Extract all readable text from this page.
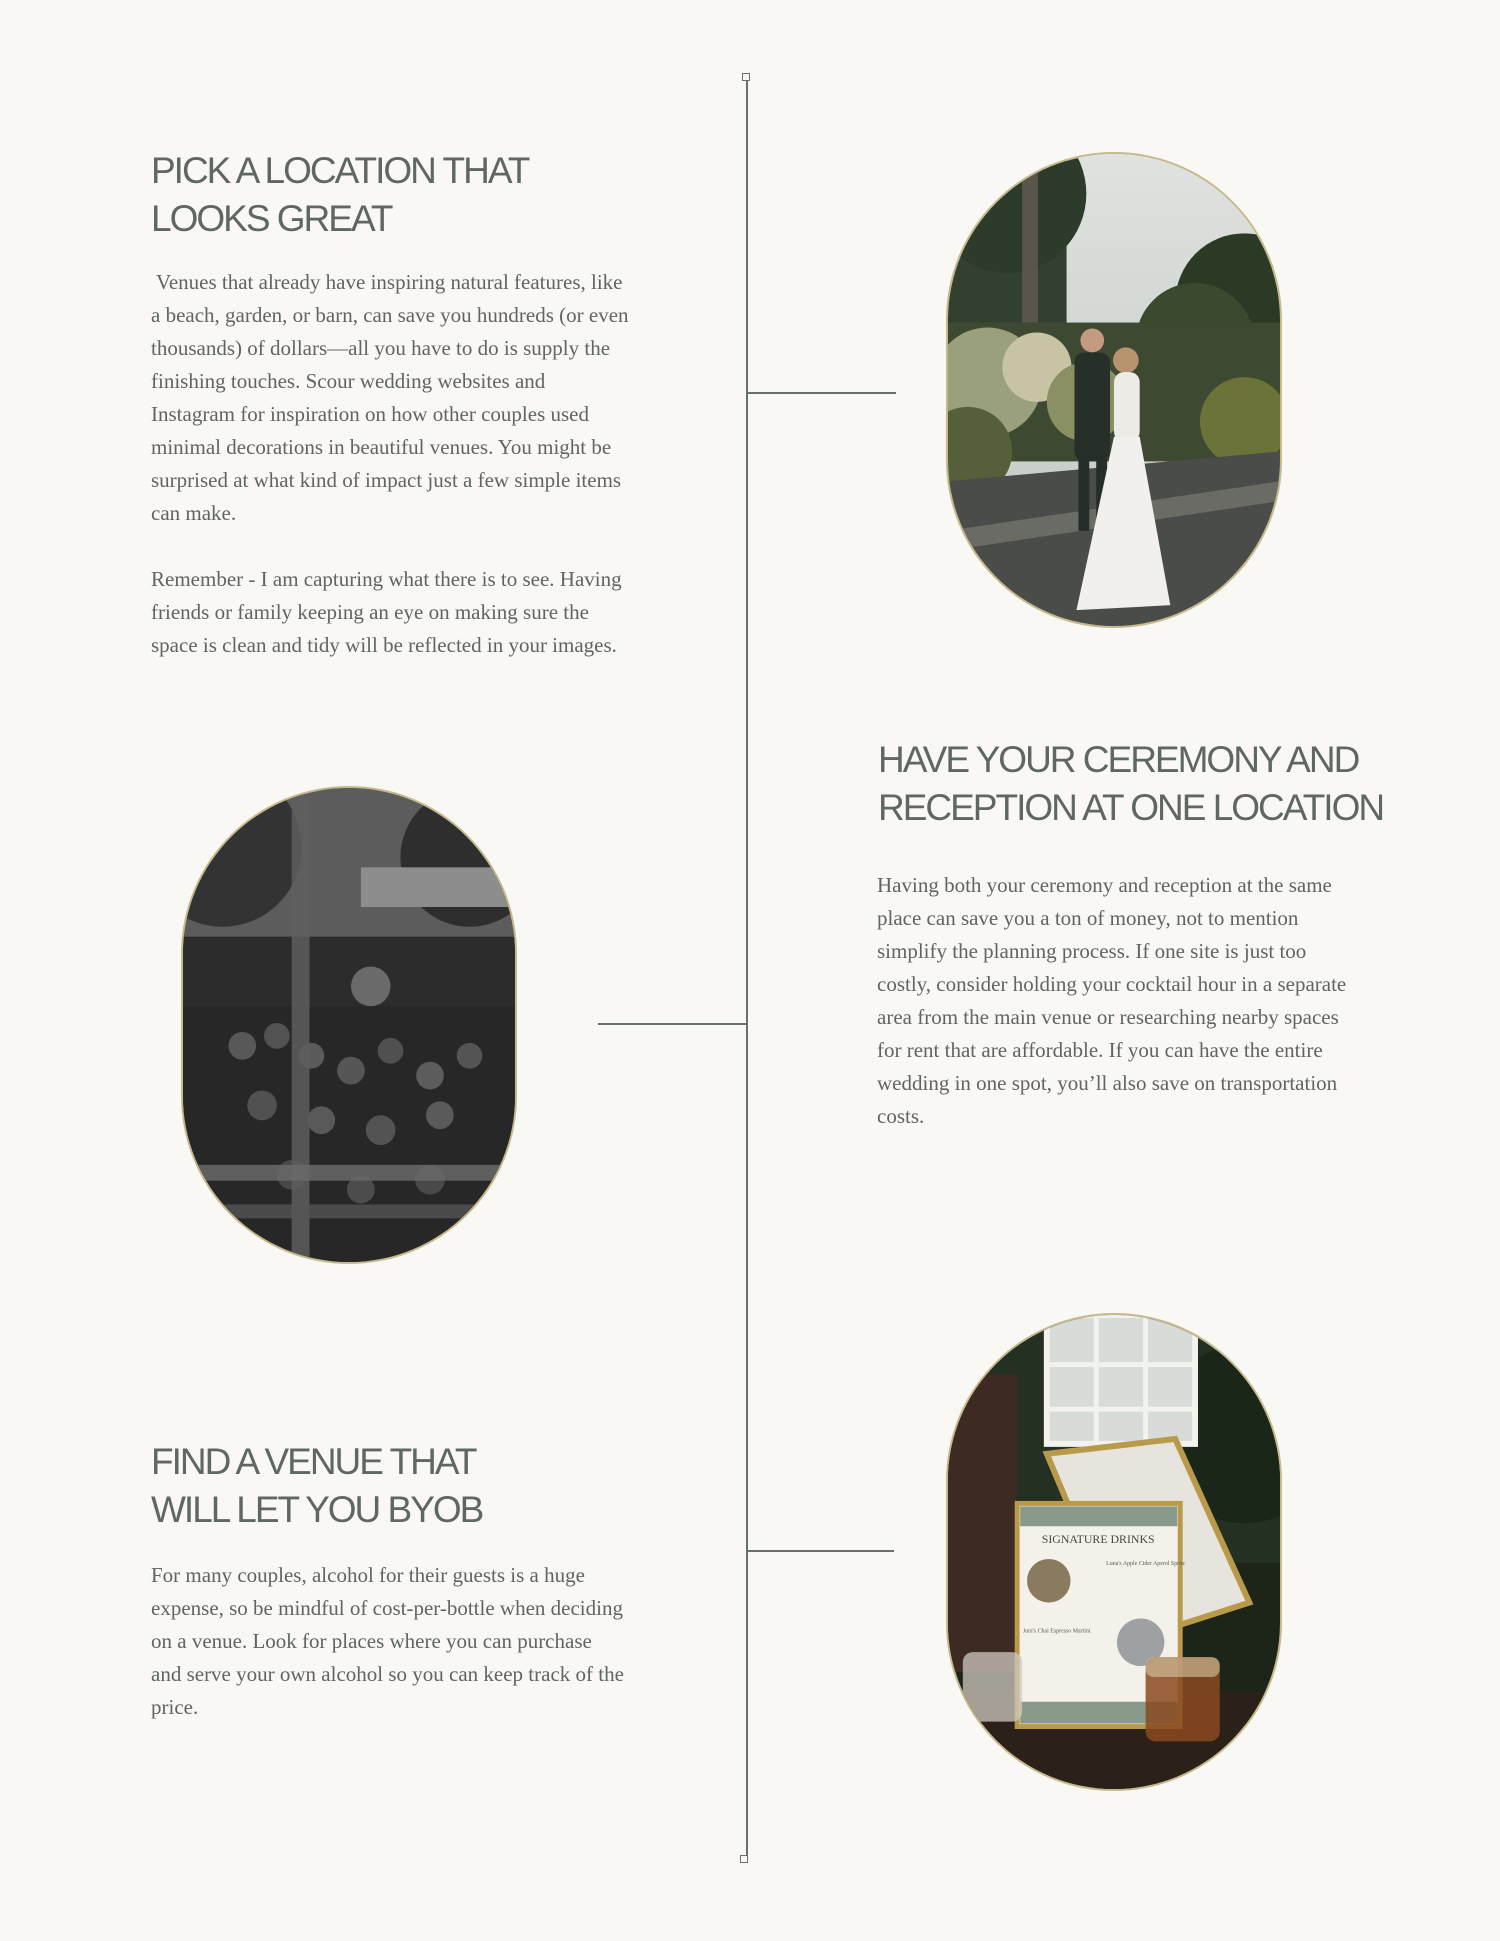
PICK A LOCATION THAT
LOOKS GREAT

Venues that already have inspiring natural features, like a beach, garden, or barn, can save you hundreds (or even thousands) of dollars—all you have to do is supply the finishing touches. Scour wedding websites and Instagram for inspiration on how other couples used minimal decorations in beautiful venues. You might be surprised at what kind of impact just a few simple items can make.

Remember - I am capturing what there is to see. Having friends or family keeping an eye on making sure the space is clean and tidy will be reflected in your images.

HAVE YOUR CEREMONY AND
RECEPTION AT ONE LOCATION

Having both your ceremony and reception at the same place can save you a ton of money, not to mention simplify the planning process. If one site is just too costly, consider holding your cocktail hour in a separate area from the main venue or researching nearby spaces for rent that are affordable. If you can have the entire wedding in one spot, you’ll also save on transportation costs.

FIND A VENUE THAT
WILL LET YOU BYOB

For many couples, alcohol for their guests is a huge expense, so be mindful of cost-per-bottle when deciding on a venue. Look for places where you can purchase and serve your own alcohol so you can keep track of the price.

SIGNATURE DRINKS
Luna's Apple Cider Aperol Spritz
Juni's Chai Espresso Martini
